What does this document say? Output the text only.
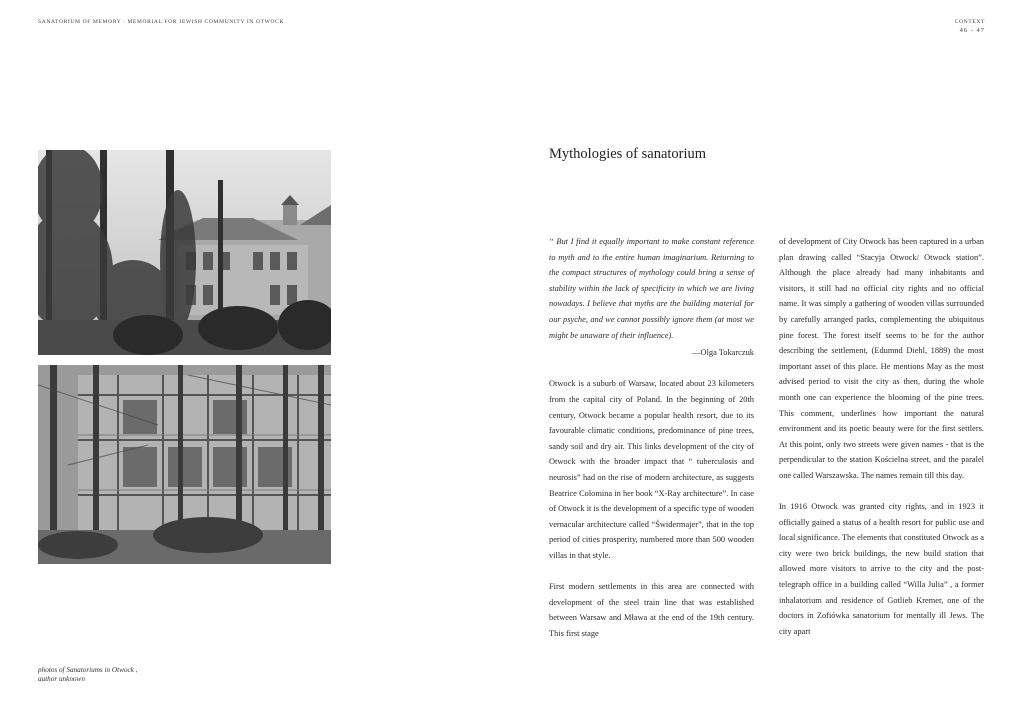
SANATORIUM OF MEMORY : MEMORIAL FOR JEWISH COMMUNITY IN OTWOCK	CONTEXT
46 - 47
photos of Sanatoriums in Otwock ,
author unknown
Mythologies of sanatorium

“ But I find it equally important to make constant reference to myth and to the entire human imaginarium. Returning to the compact structures of mythology could bring a sense of stability within the lack of specificity in which we are living nowadays. I believe that myths are the building material for our psyche, and we cannot possibly ignore them (at most we might be unaware of their influence).

—Olga Tokarczuk

Otwock is a suburb of Warsaw, located about 23 kilometers from the capital city of Poland. In the beginning of 20th century, Otwock became a popular health resort, due to its favourable climatic conditions, predominance of pine trees, sandy soil and dry air. This links development of the city of Otwock with the broader impact that “ tuberculosis and neurosis” had on the rise of modern architecture, as suggests Beatrice Colomina in her book “X-Ray architecture”. In case of Otwock it is the development of a specific type of wooden vernacular architecture called “Świdermajer”, that in the top period of cities prosperity, numbered more than 500 wooden villas in that style.

First modern settlements in this area are connected with development of the steel train line that was established between Warsaw and Mława at the end of the 19th century. This first stage

of development of City Otwock has been captured in a urban plan drawing called “Stacyja Otwock/ Otwock station”. Although the place already had many inhabitants and visitors, it still had no official city rights and no official name. It was simply a gathering of wooden villas surrounded by carefully arranged parks, complementing the ubiquitous pine forest. The forest itself seems to be for the author describing the settlement, (Edumnd Diehl, 1889) the most important asset of this place. He mentions May as the most advised period to visit the city as then, during the whole month one can experience the blooming of the pine trees. This comment, underlines how important the natural environment and its poetic beauty were for the first settlers. At this point, only two streets were given names - that is the perpendicular to the station Kościelna street, and the paralel one called Warszawska. The names remain till this day.

In 1916 Otwock was granted city rights, and in 1923 it officially gained a status of a health resort for public use and local significance. The elements that constituted Otwock as a city were two brick buildings, the new build station that allowed more visitors to arrive to the city and the post-telegraph office in a building called “Willa Julia” , a former inhalatorium and residence of Gotlieb Kremer, one of the doctors in Zofiówka sanatorium for mentally ill Jews. The city apart
